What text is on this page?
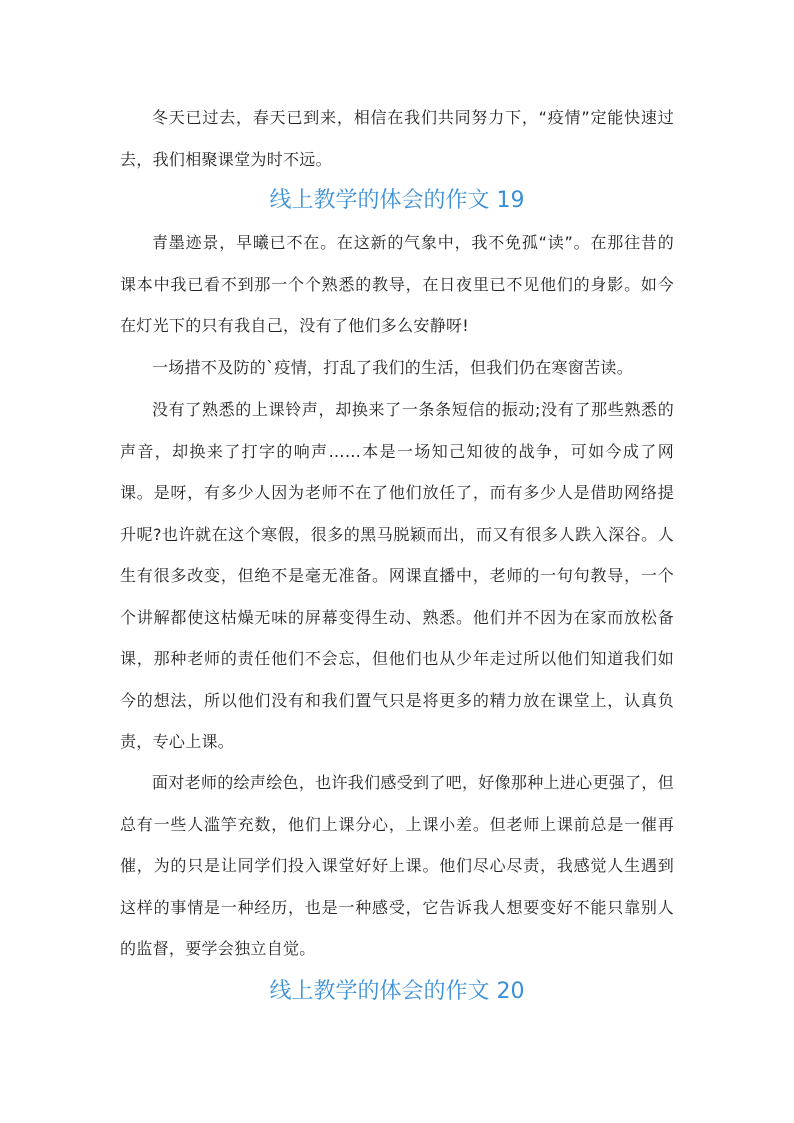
冬天已过去，春天已到来，相信在我们共同努力下，“疫情”定能快速过去，我们相聚课堂为时不远。

线上教学的体会的作文 19

青墨迹景，早曦已不在。在这新的气象中，我不免孤“读”。在那往昔的课本中我已看不到那一个个熟悉的教导，在日夜里已不见他们的身影。如今在灯光下的只有我自己，没有了他们多么安静呀!

一场措不及防的`疫情，打乱了我们的生活，但我们仍在寒窗苦读。

没有了熟悉的上课铃声，却换来了一条条短信的振动;没有了那些熟悉的声音，却换来了打字的响声……本是一场知己知彼的战争，可如今成了网课。是呀，有多少人因为老师不在了他们放任了，而有多少人是借助网络提升呢?也许就在这个寒假，很多的黑马脱颖而出，而又有很多人跌入深谷。人生有很多改变，但绝不是毫无准备。网课直播中，老师的一句句教导，一个个讲解都使这枯燥无味的屏幕变得生动、熟悉。他们并不因为在家而放松备课，那种老师的责任他们不会忘，但他们也从少年走过所以他们知道我们如今的想法，所以他们没有和我们置气只是将更多的精力放在课堂上，认真负责，专心上课。

面对老师的绘声绘色，也许我们感受到了吧，好像那种上进心更强了，但总有一些人滥竽充数，他们上课分心，上课小差。但老师上课前总是一催再催，为的只是让同学们投入课堂好好上课。他们尽心尽责，我感觉人生遇到这样的事情是一种经历，也是一种感受，它告诉我人想要变好不能只靠别人的监督，要学会独立自觉。

线上教学的体会的作文 20
